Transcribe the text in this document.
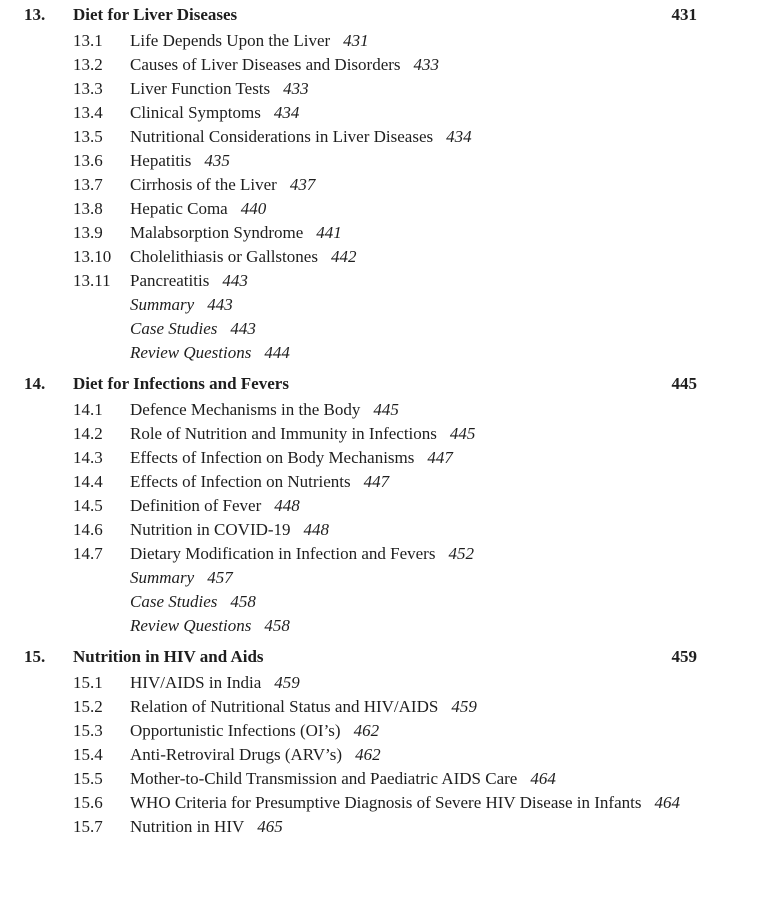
13.	Diet for Liver Diseases	431
13.1	Life Depends Upon the Liver 431
13.2	Causes of Liver Diseases and Disorders 433
13.3	Liver Function Tests 433
13.4	Clinical Symptoms 434
13.5	Nutritional Considerations in Liver Diseases 434
13.6	Hepatitis 435
13.7	Cirrhosis of the Liver 437
13.8	Hepatic Coma 440
13.9	Malabsorption Syndrome 441
13.10	Cholelithiasis or Gallstones 442
13.11	Pancreatitis 443
Summary 443
Case Studies 443
Review Questions 444
14.	Diet for Infections and Fevers	445
14.1	Defence Mechanisms in the Body 445
14.2	Role of Nutrition and Immunity in Infections 445
14.3	Effects of Infection on Body Mechanisms 447
14.4	Effects of Infection on Nutrients 447
14.5	Definition of Fever 448
14.6	Nutrition in COVID-19 448
14.7	Dietary Modification in Infection and Fevers 452
Summary 457
Case Studies 458
Review Questions 458
15.	Nutrition in HIV and Aids	459
15.1	HIV/AIDS in India 459
15.2	Relation of Nutritional Status and HIV/AIDS 459
15.3	Opportunistic Infections (OI’s) 462
15.4	Anti-Retroviral Drugs (ARV’s) 462
15.5	Mother-to-Child Transmission and Paediatric AIDS Care 464
15.6	WHO Criteria for Presumptive Diagnosis of Severe HIV Disease in Infants 464
15.7	Nutrition in HIV 465
